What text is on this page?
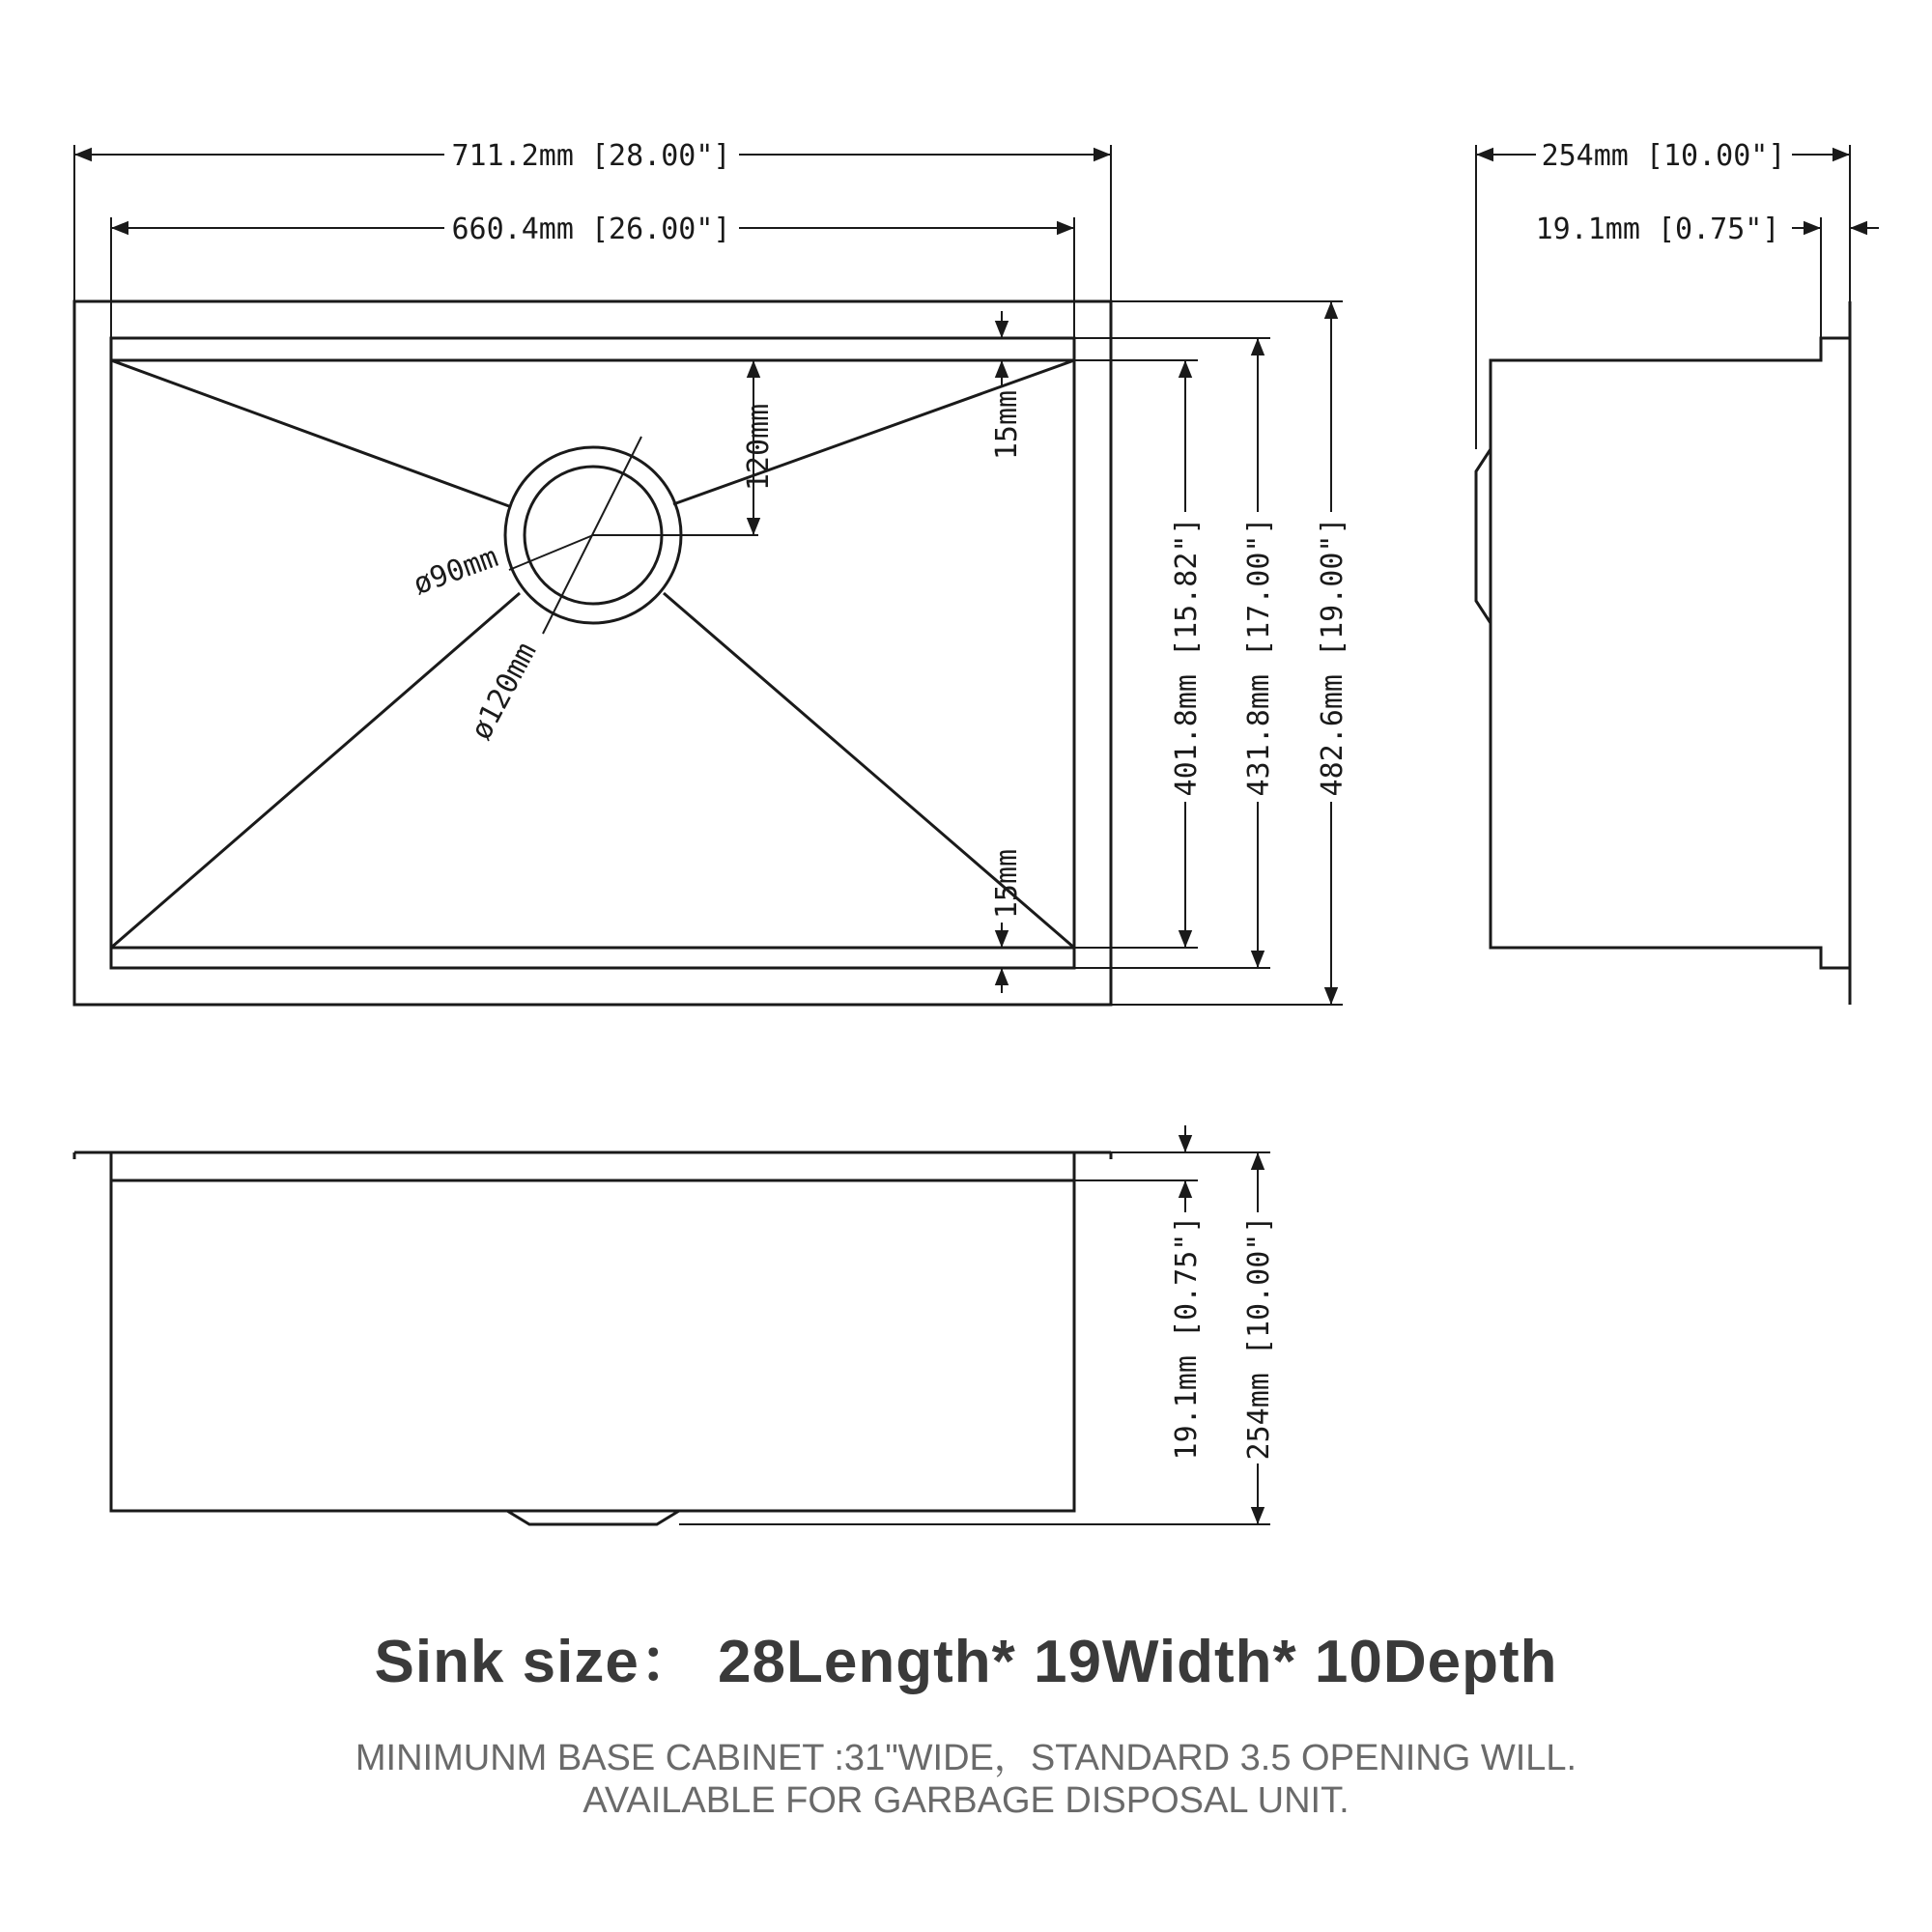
711.2mm [28.00"]
660.4mm [26.00"]
15mm
15mm
120mm
ø90mm
ø120mm	401.8mm [15.82"] 431.8mm [17.00"] 482.6mm [19.00"]
254mm [10.00"]
19.1mm [0.75"]
19.1mm [0.75"] 254mm [10.00"]
Sink size： 28Length* 19Width* 10Depth
MINIMUNM BASE CABINET :31"WIDE，STANDARD 3.5 OPENING WILL.
AVAILABLE FOR GARBAGE DISPOSAL UNIT.
